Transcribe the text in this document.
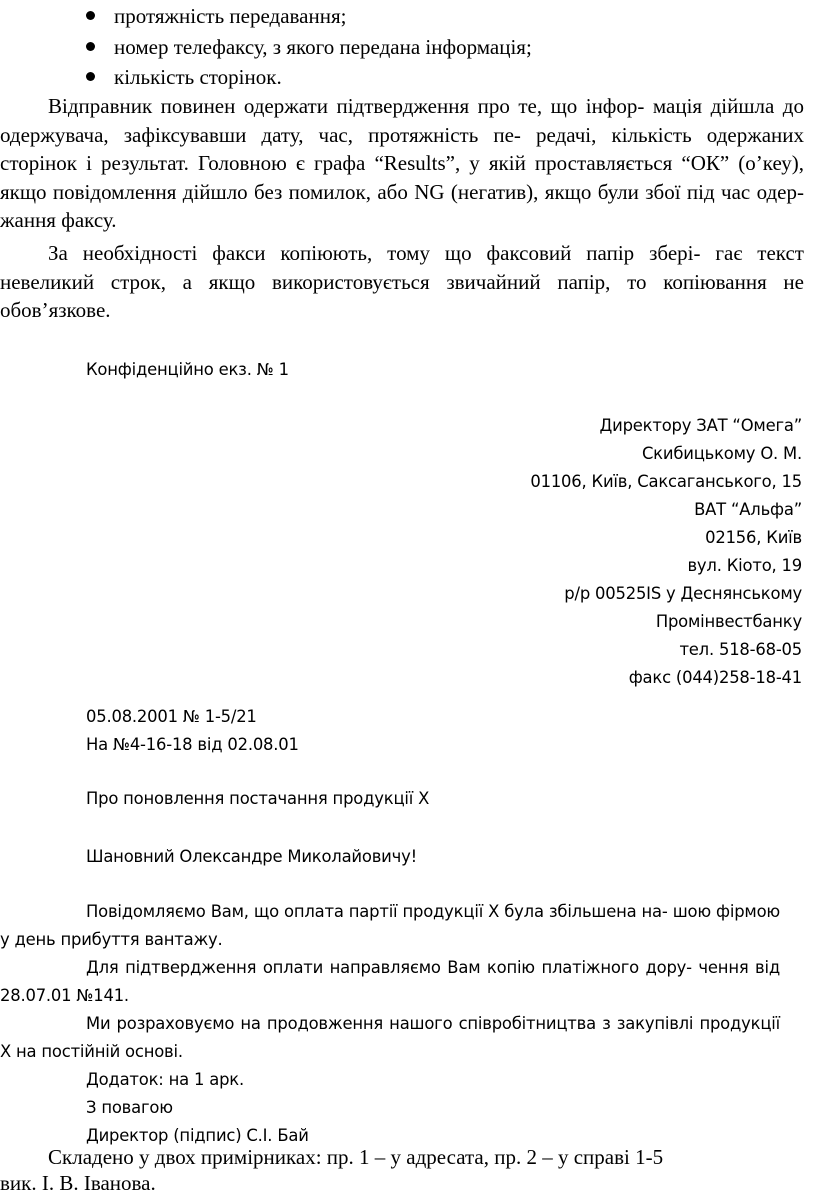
протяжність передавання;
номер телефаксу, з якого передана інформація;
кількість сторінок.

Відправник повинен одержати підтвердження про те, що інфор- мація дійшла до одержувача, зафіксувавши дату, час, протяжність пе- редачі, кількість одержаних сторінок і результат. Головною є графа “Results”, у якій проставляється “ОК” (о’кеу), якщо повідомлення дійшло без помилок, або NG (негатив), якщо були збої під час одер- жання факсу.

За необхідності факси копіюють, тому що факсовий папір зберi- гає текст невеликий строк, а якщо використовується звичайний папір, то копіювання не обов’язкове.

Конфіденційно екз. № 1
Директору ЗАТ “Омега”
Скибицькому О. М.
01106, Київ, Саксаганського, 15
ВАТ “Альфа”
02156, Київ
вул. Кіото, 19
р/р 00525IS у Деснянському
Промінвестбанку
тел. 518-68-05
факс (044)258-18-41
05.08.2001 № 1-5/21
На №4-16-18 від 02.08.01
Про поновлення постачання продукції Х
Шановний Олександре Миколайовичу!

Повідомляємо Вам, що оплата партії продукції Х була збільшена на- шою фірмою у день прибуття вантажу.

Для підтвердження оплати направляємо Вам копію платіжного дору- чення від 28.07.01 №141.

Ми розраховуємо на продовження нашого співробітництва з закупівлі продукції Х на постійній основі.

Додаток: на 1 арк.
З повагою
Директор (підпис) С.І. Бай
Складено у двох примірниках: пр. 1 – у адресата, пр. 2 – у справі 1-5
вик. І. В. Іванова.
